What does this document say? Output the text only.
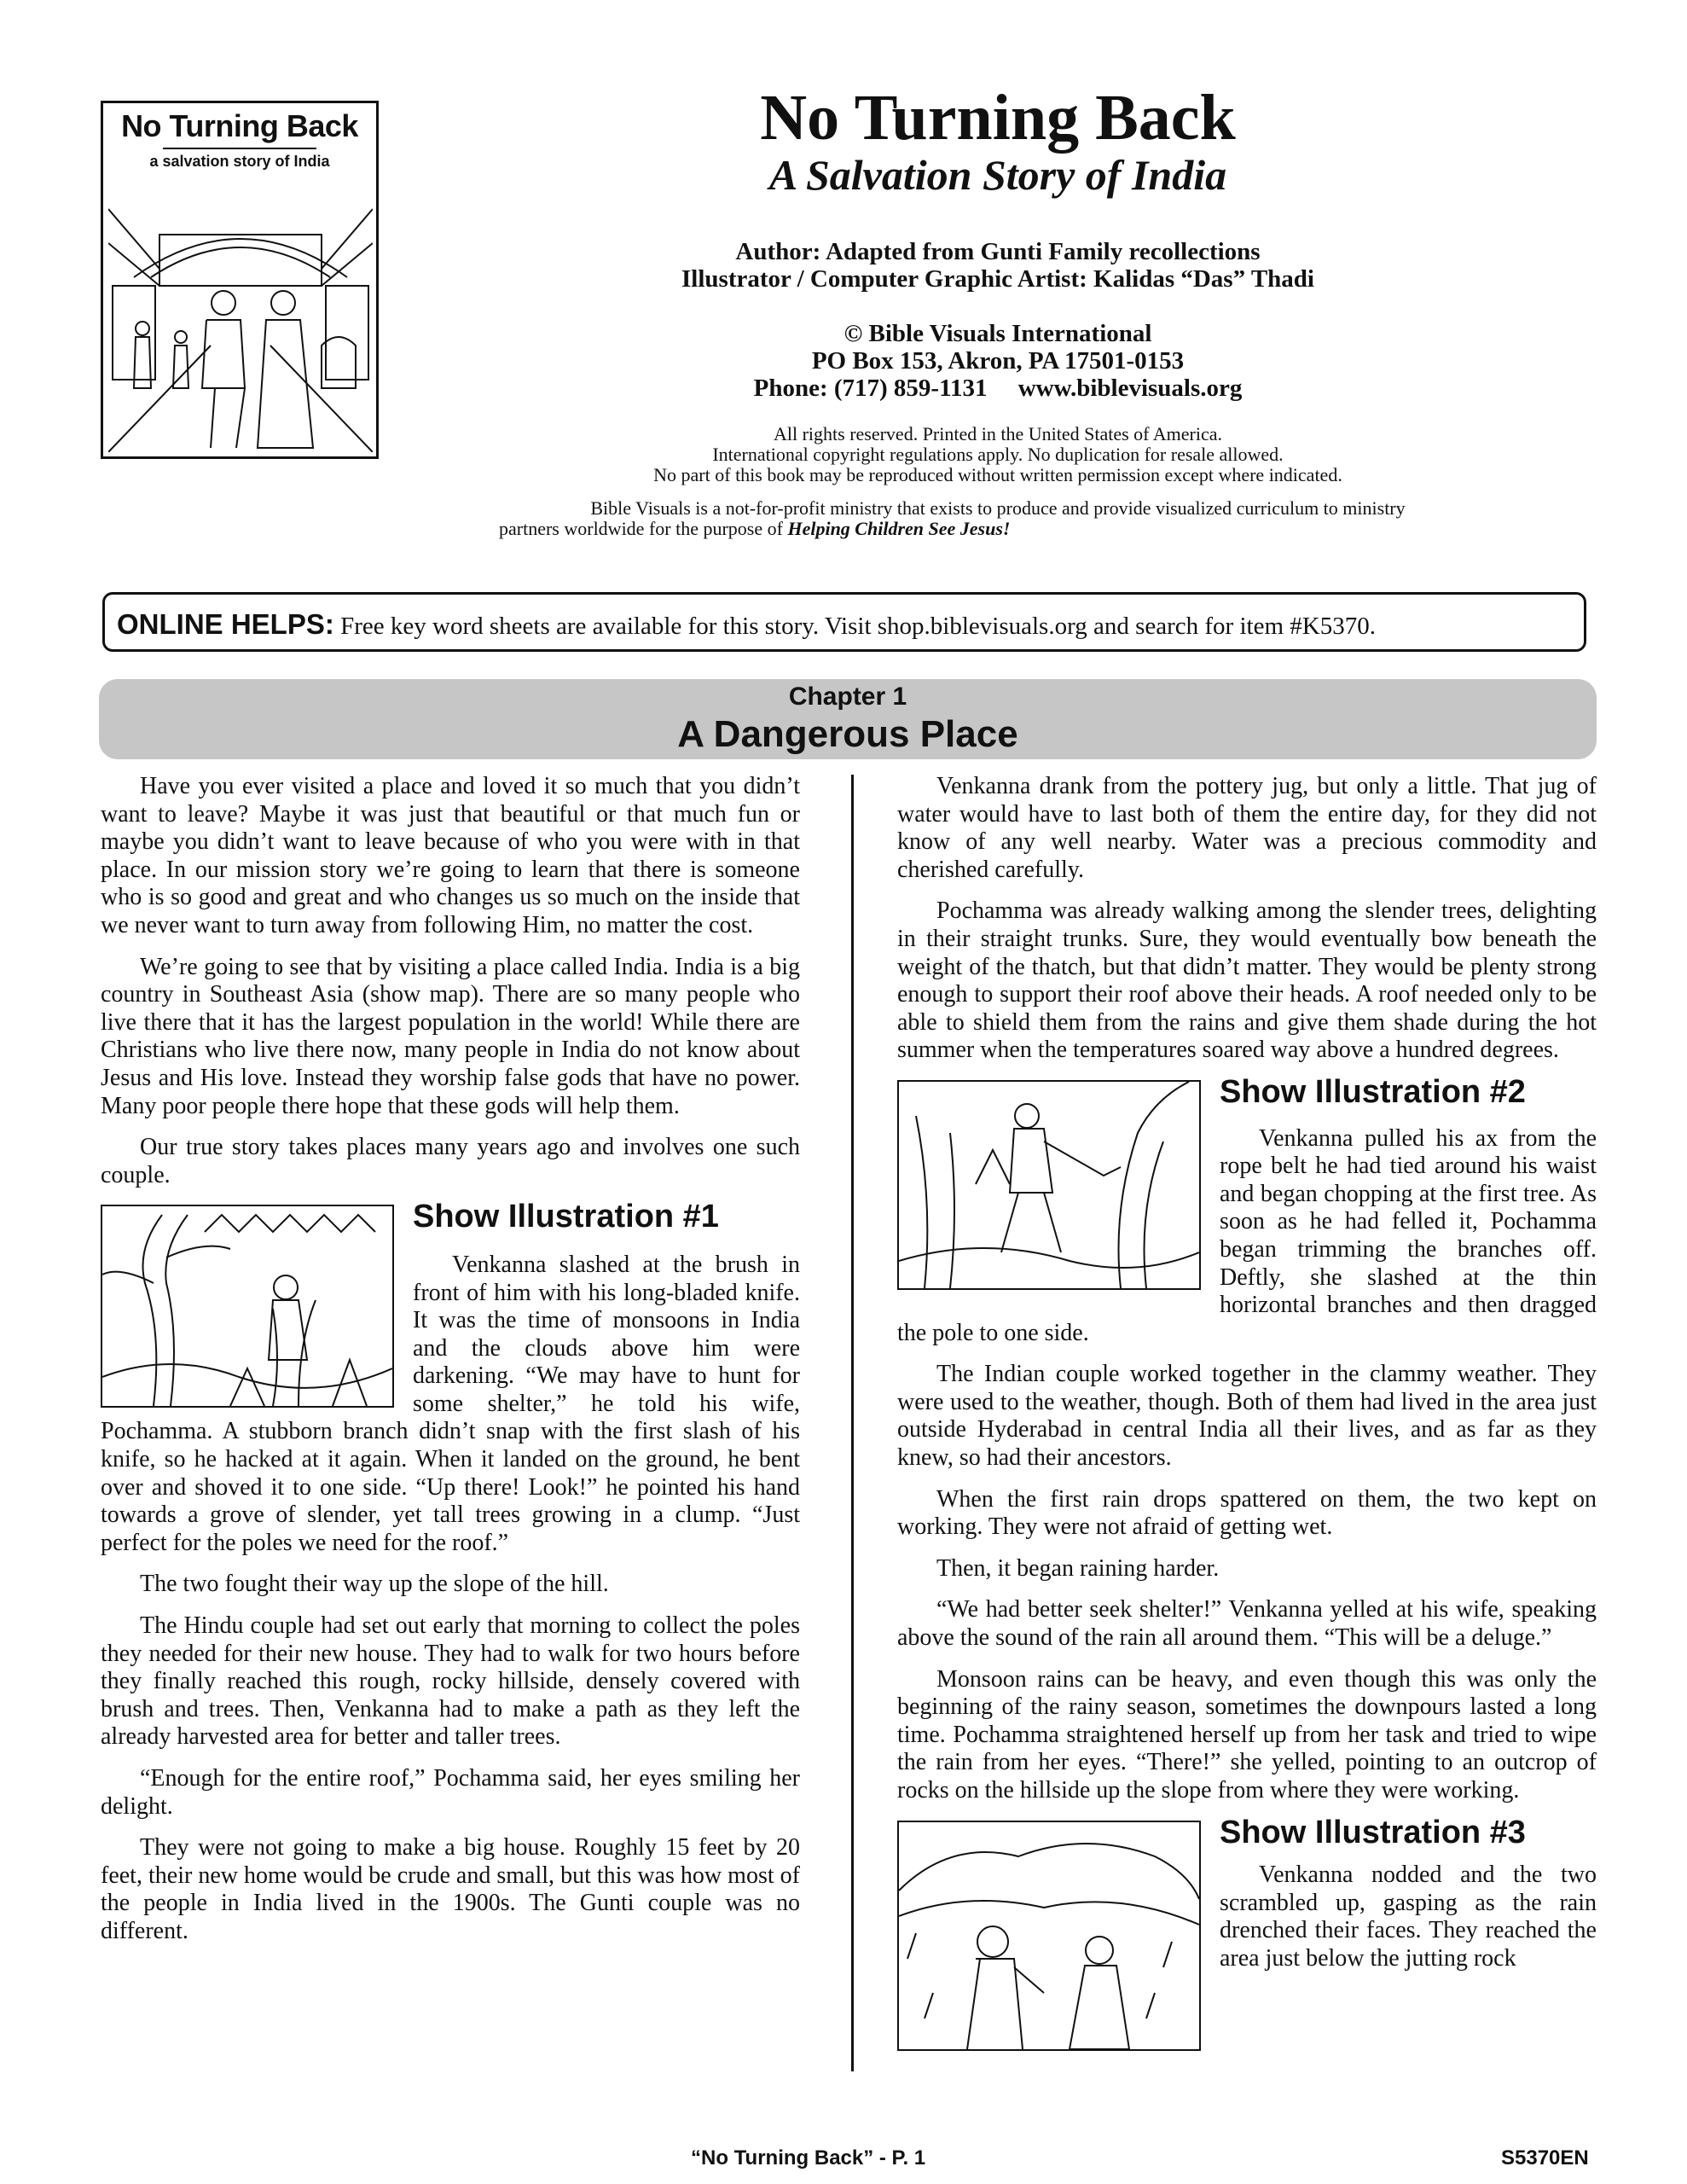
No Turning Back
a salvation story of India
No Turning Back
A Salvation Story of India
Author: Adapted from Gunti Family recollections
Illustrator / Computer Graphic Artist: Kalidas “Das” Thadi
© Bible Visuals International
PO Box 153, Akron, PA 17501-0153
Phone: (717) 859-1131     www.biblevisuals.org
All rights reserved. Printed in the United States of America.
International copyright regulations apply. No duplication for resale allowed.
No part of this book may be reproduced without written permission except where indicated.
Bible Visuals is a not-for-profit ministry that exists to produce and provide visualized curriculum to ministry
partners worldwide for the purpose of Helping Children See Jesus!
ONLINE HELPS: Free key word sheets are available for this story. Visit shop.biblevisuals.org and search for item #K5370.
Chapter 1
A Dangerous Place

Have you ever visited a place and loved it so much that you didn’t want to leave? Maybe it was just that beautiful or that much fun or maybe you didn’t want to leave because of who you were with in that place. In our mission story we’re going to learn that there is someone who is so good and great and who changes us so much on the inside that we never want to turn away from following Him, no matter the cost.

We’re going to see that by visiting a place called India. India is a big country in Southeast Asia (show map). There are so many people who live there that it has the largest population in the world! While there are Christians who live there now, many people in India do not know about Jesus and His love. Instead they worship false gods that have no power. Many poor people there hope that these gods will help them.

Our true story takes places many years ago and involves one such couple.

Show Illustration #1

Venkanna slashed at the brush in front of him with his long-bladed knife. It was the time of monsoons in India and the clouds above him were darkening. “We may have to hunt for some shelter,” he told his wife, Pochamma. A stubborn branch didn’t snap with the first slash of his knife, so he hacked at it again. When it landed on the ground, he bent over and shoved it to one side. “Up there! Look!” he pointed his hand towards a grove of slender, yet tall trees growing in a clump. “Just perfect for the poles we need for the roof.”

The two fought their way up the slope of the hill.

The Hindu couple had set out early that morning to collect the poles they needed for their new house. They had to walk for two hours before they finally reached this rough, rocky hillside, densely covered with brush and trees. Then, Venkanna had to make a path as they left the already harvested area for better and taller trees.

“Enough for the entire roof,” Pochamma said, her eyes smiling her delight.

They were not going to make a big house. Roughly 15 feet by 20 feet, their new home would be crude and small, but this was how most of the people in India lived in the 1900s. The Gunti couple was no different.

Venkanna drank from the pottery jug, but only a little. That jug of water would have to last both of them the entire day, for they did not know of any well nearby. Water was a precious commodity and cherished carefully.

Pochamma was already walking among the slender trees, delighting in their straight trunks. Sure, they would eventually bow beneath the weight of the thatch, but that didn’t matter. They would be plenty strong enough to support their roof above their heads. A roof needed only to be able to shield them from the rains and give them shade during the hot summer when the temperatures soared way above a hundred degrees.

Show Illustration #2

Venkanna pulled his ax from the rope belt he had tied around his waist and began chopping at the first tree. As soon as he had felled it, Pochamma began trimming the branches off. Deftly, she slashed at the thin horizontal branches and then dragged the pole to one side.

The Indian couple worked together in the clammy weather. They were used to the weather, though. Both of them had lived in the area just outside Hyderabad in central India all their lives, and as far as they knew, so had their ancestors.

When the first rain drops spattered on them, the two kept on working. They were not afraid of getting wet.

Then, it began raining harder.

“We had better seek shelter!” Venkanna yelled at his wife, speaking above the sound of the rain all around them. “This will be a deluge.”

Monsoon rains can be heavy, and even though this was only the beginning of the rainy season, sometimes the downpours lasted a long time. Pochamma straightened herself up from her task and tried to wipe the rain from her eyes. “There!” she yelled, pointing to an outcrop of rocks on the hillside up the slope from where they were working.

Show Illustration #3

Venkanna nodded and the two scrambled up, gasping as the rain drenched their faces. They reached the area just below the jutting rock

“No Turning Back” - P. 1	S5370EN
